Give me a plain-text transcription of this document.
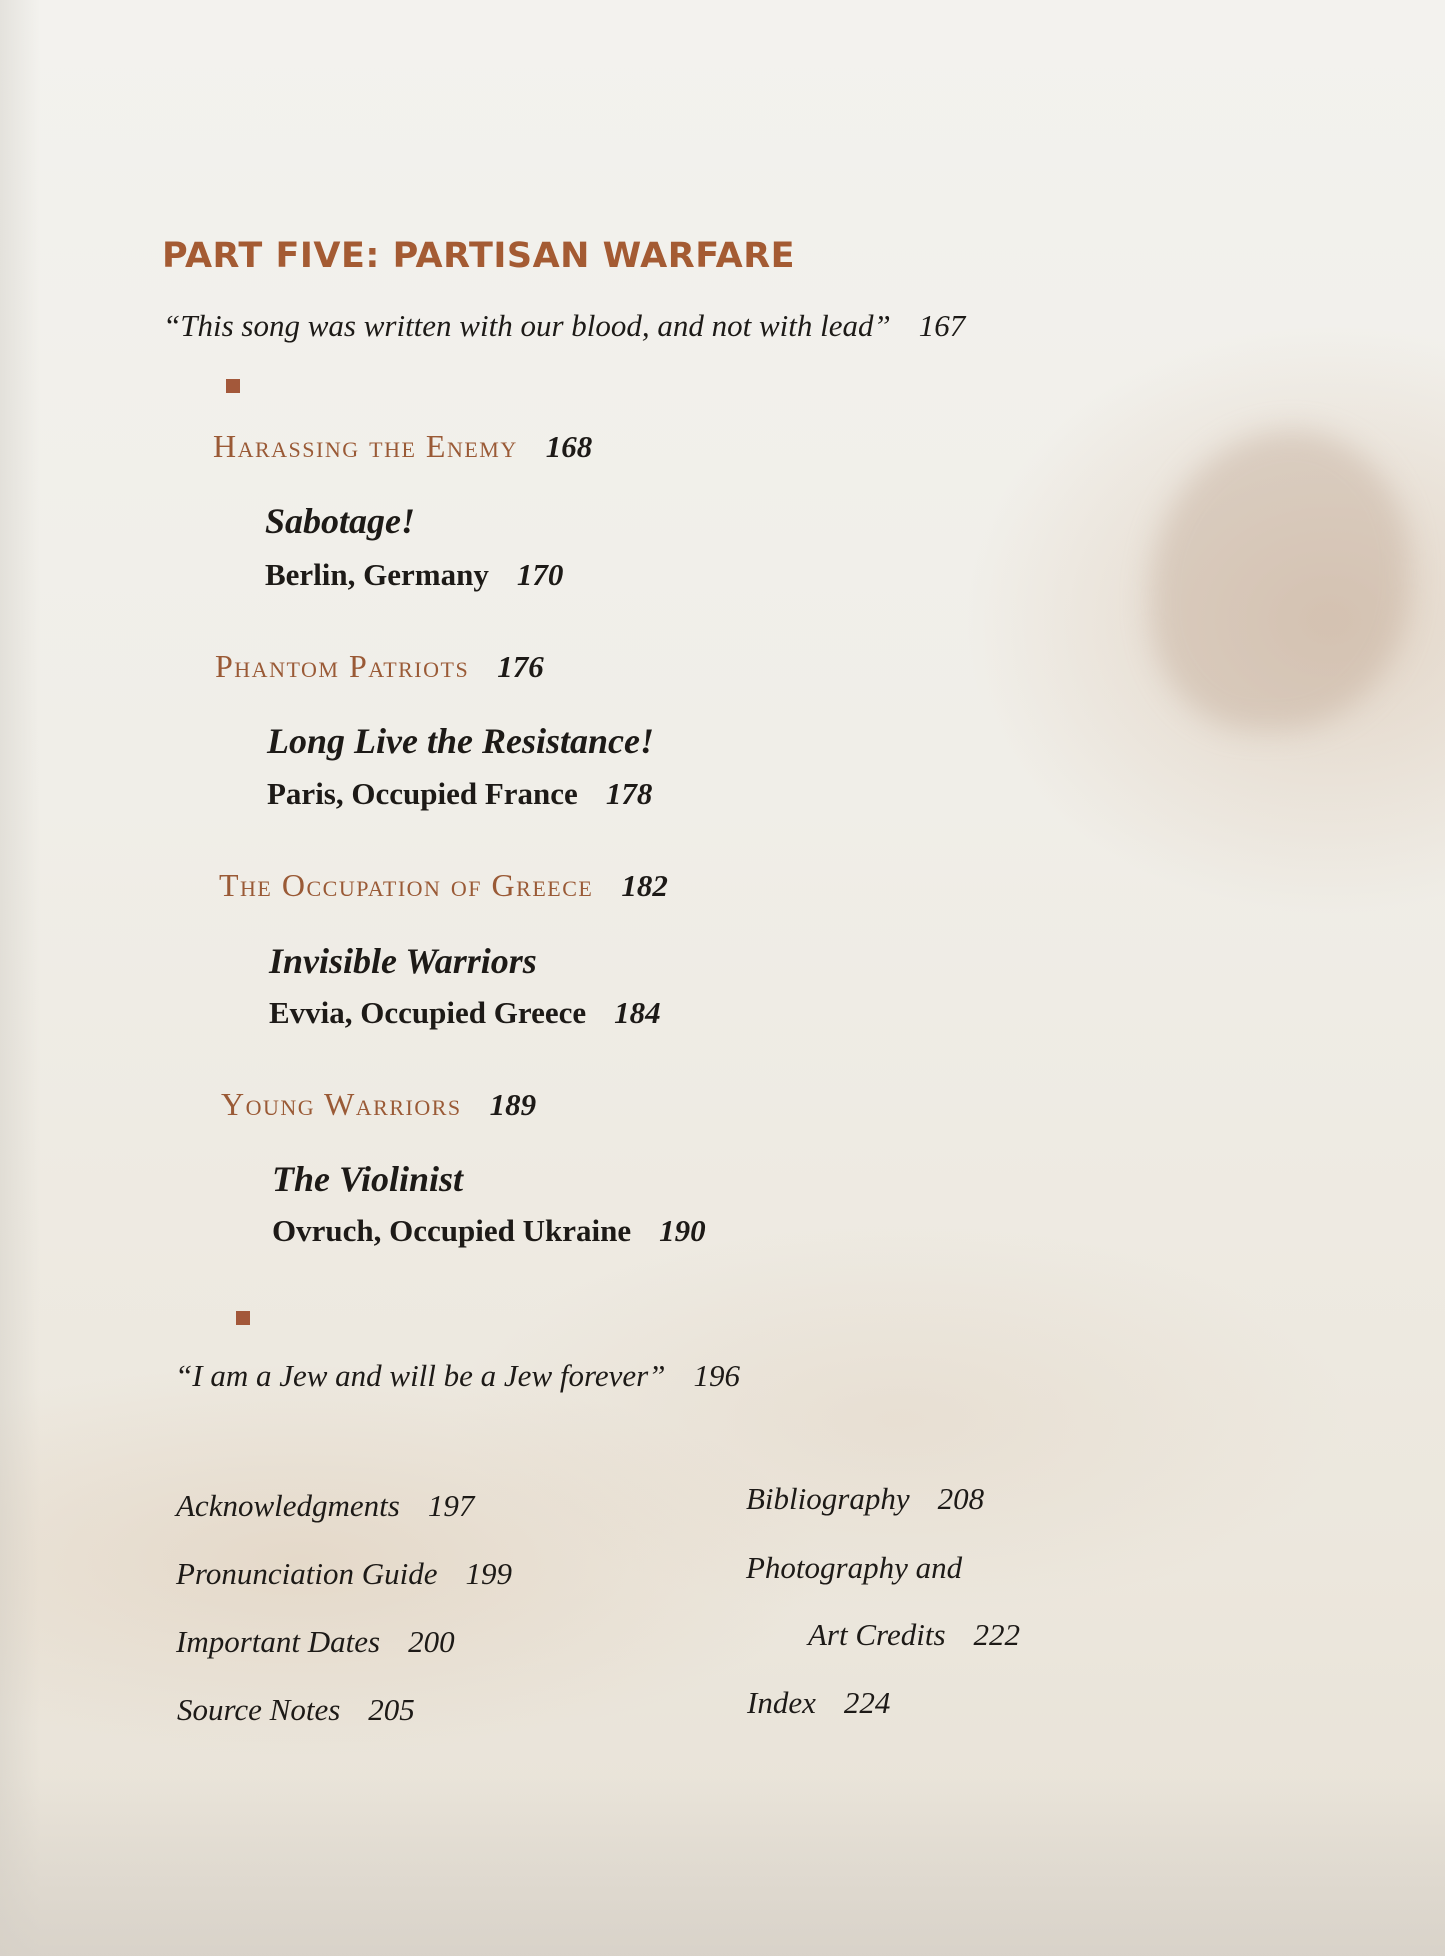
PART FIVE: PARTISAN WARFARE
“This song was written with our blood, and not with lead” 167
Harassing the Enemy 168
Sabotage!
Berlin, Germany 170
Phantom Patriots 176
Long Live the Resistance!
Paris, Occupied France 178
The Occupation of Greece 182
Invisible Warriors
Evvia, Occupied Greece 184
Young Warriors 189
The Violinist
Ovruch, Occupied Ukraine 190
“I am a Jew and will be a Jew forever” 196
Acknowledgments 197
Pronunciation Guide 199
Important Dates 200
Source Notes 205
Bibliography 208
Photography and
Art Credits 222
Index 224
